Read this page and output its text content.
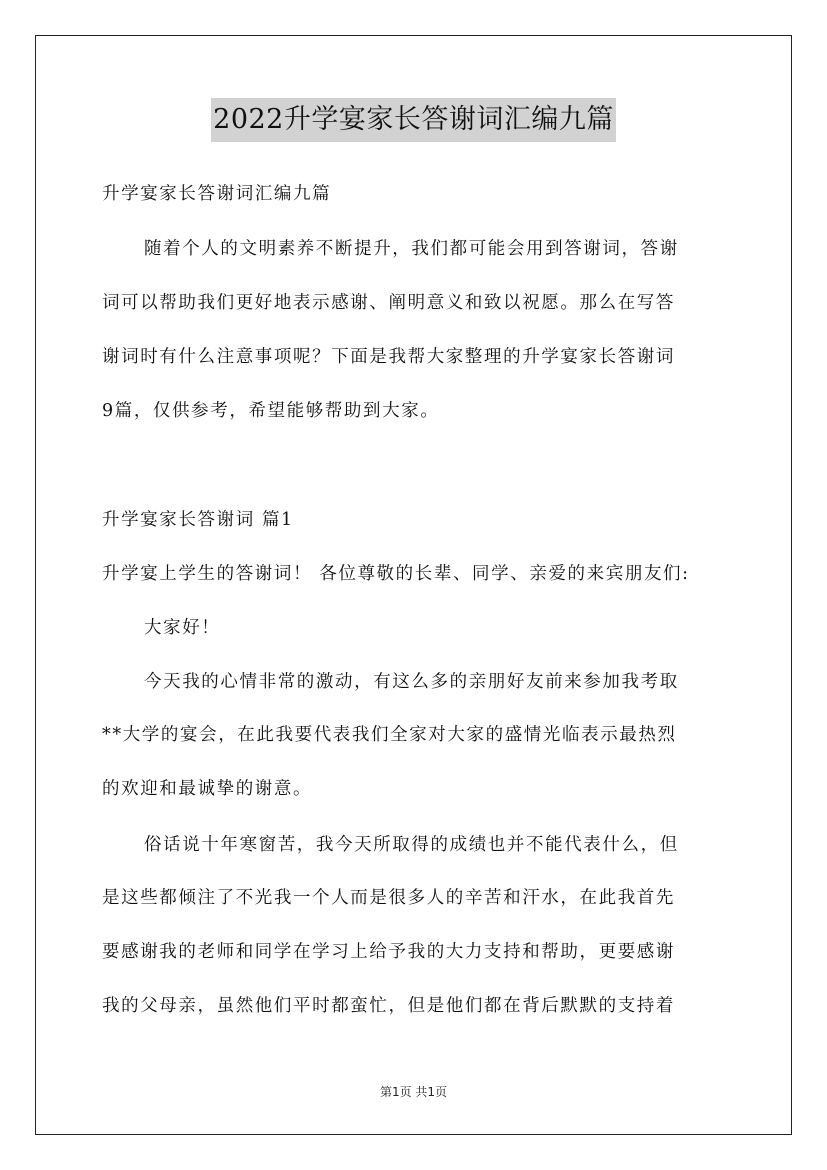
2022升学宴家长答谢词汇编九篇
升学宴家长答谢词汇编九篇
随着个人的文明素养不断提升，我们都可能会用到答谢词，答谢
词可以帮助我们更好地表示感谢、阐明意义和致以祝愿。那么在写答
谢词时有什么注意事项呢？下面是我帮大家整理的升学宴家长答谢词
9篇，仅供参考，希望能够帮助到大家。
升学宴家长答谢词 篇1
升学宴上学生的答谢词！ 各位尊敬的长辈、同学、亲爱的来宾朋友们:
大家好！
今天我的心情非常的激动，有这么多的亲朋好友前来参加我考取
**大学的宴会，在此我要代表我们全家对大家的盛情光临表示最热烈
的欢迎和最诚挚的谢意。
俗话说十年寒窗苦，我今天所取得的成绩也并不能代表什么，但
是这些都倾注了不光我一个人而是很多人的辛苦和汗水，在此我首先
要感谢我的老师和同学在学习上给予我的大力支持和帮助，更要感谢
我的父母亲，虽然他们平时都蛮忙，但是他们都在背后默默的支持着
第1页 共1页
